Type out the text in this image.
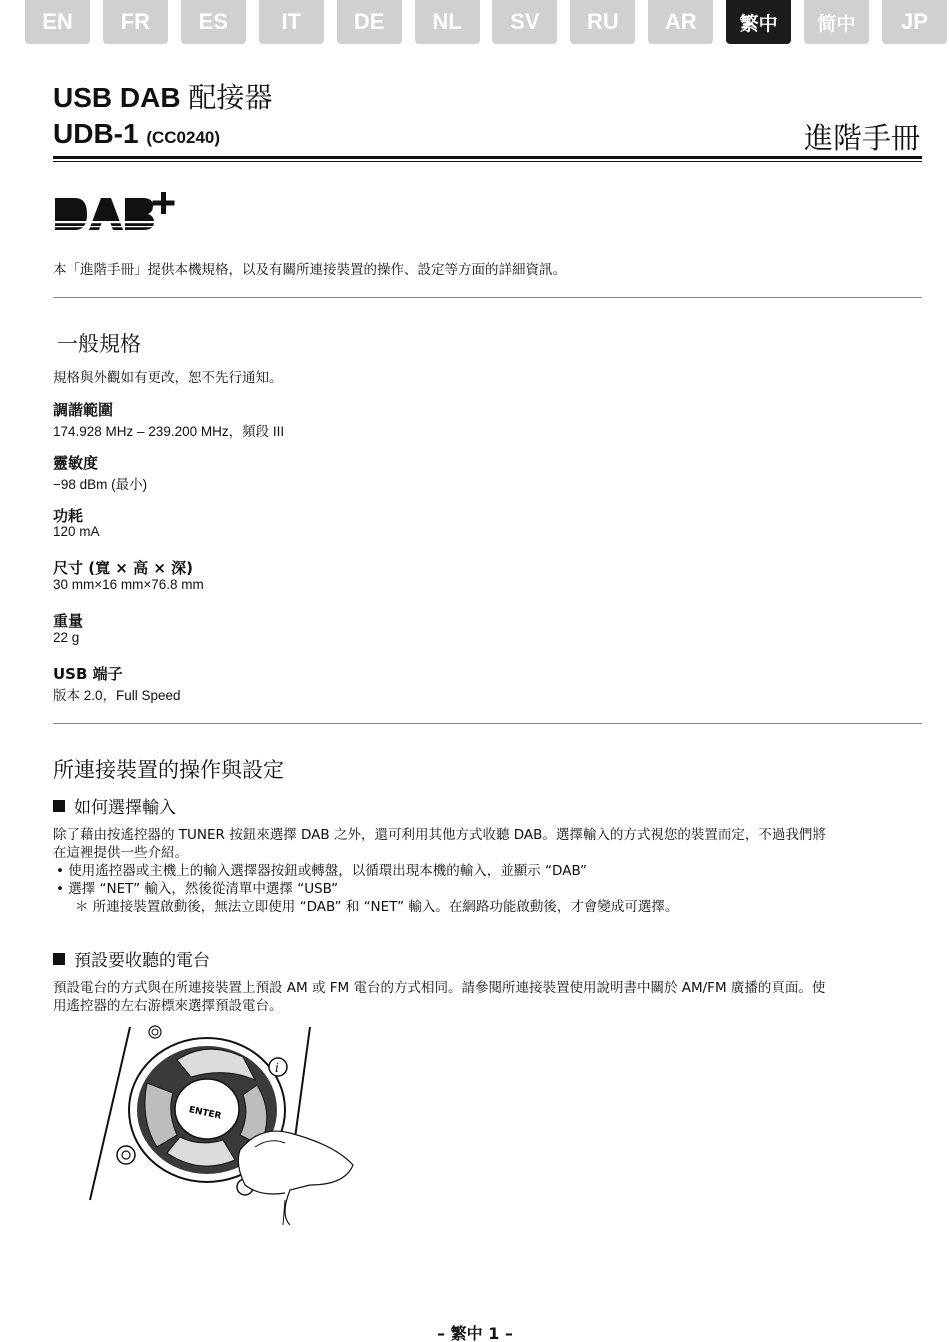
EN	FR	ES	IT	DE	NL	SV	RU	AR	繁中	简中	JP
USB DAB 配接器
UDB-1 (CC0240)	進階手冊
本「進階手冊」提供本機規格，以及有關所連接裝置的操作、設定等方面的詳細資訊。
一般規格
規格與外觀如有更改，恕不先行通知。
調諧範圍
174.928 MHz – 239.200 MHz，頻段 III
靈敏度
−98 dBm (最小)
功耗
120 mA
尺寸 (寬 × 高 × 深)
30 mm×16 mm×76.8 mm
重量
22 g
USB 端子
版本 2.0，Full Speed
所連接裝置的操作與設定
如何選擇輸入
除了藉由按遙控器的 TUNER 按鈕來選擇 DAB 之外，還可利用其他方式收聽 DAB。選擇輸入的方式視您的裝置而定，不過我們將
在這裡提供一些介紹。
• 使用遙控器或主機上的輸入選擇器按鈕或轉盤，以循環出現本機的輸入，並顯示 “DAB”
• 選擇 “NET” 輸入，然後從清單中選擇 “USB”
＊ 所連接裝置啟動後，無法立即使用 “DAB” 和 “NET” 輸入。在網路功能啟動後，才會變成可選擇。
預設要收聽的電台
預設電台的方式與在所連接裝置上預設 AM 或 FM 電台的方式相同。請參閱所連接裝置使用說明書中關於 AM/FM 廣播的頁面。使
用遙控器的左右游標來選擇預設電台。
ENTER
i
– 繁中 1 –
